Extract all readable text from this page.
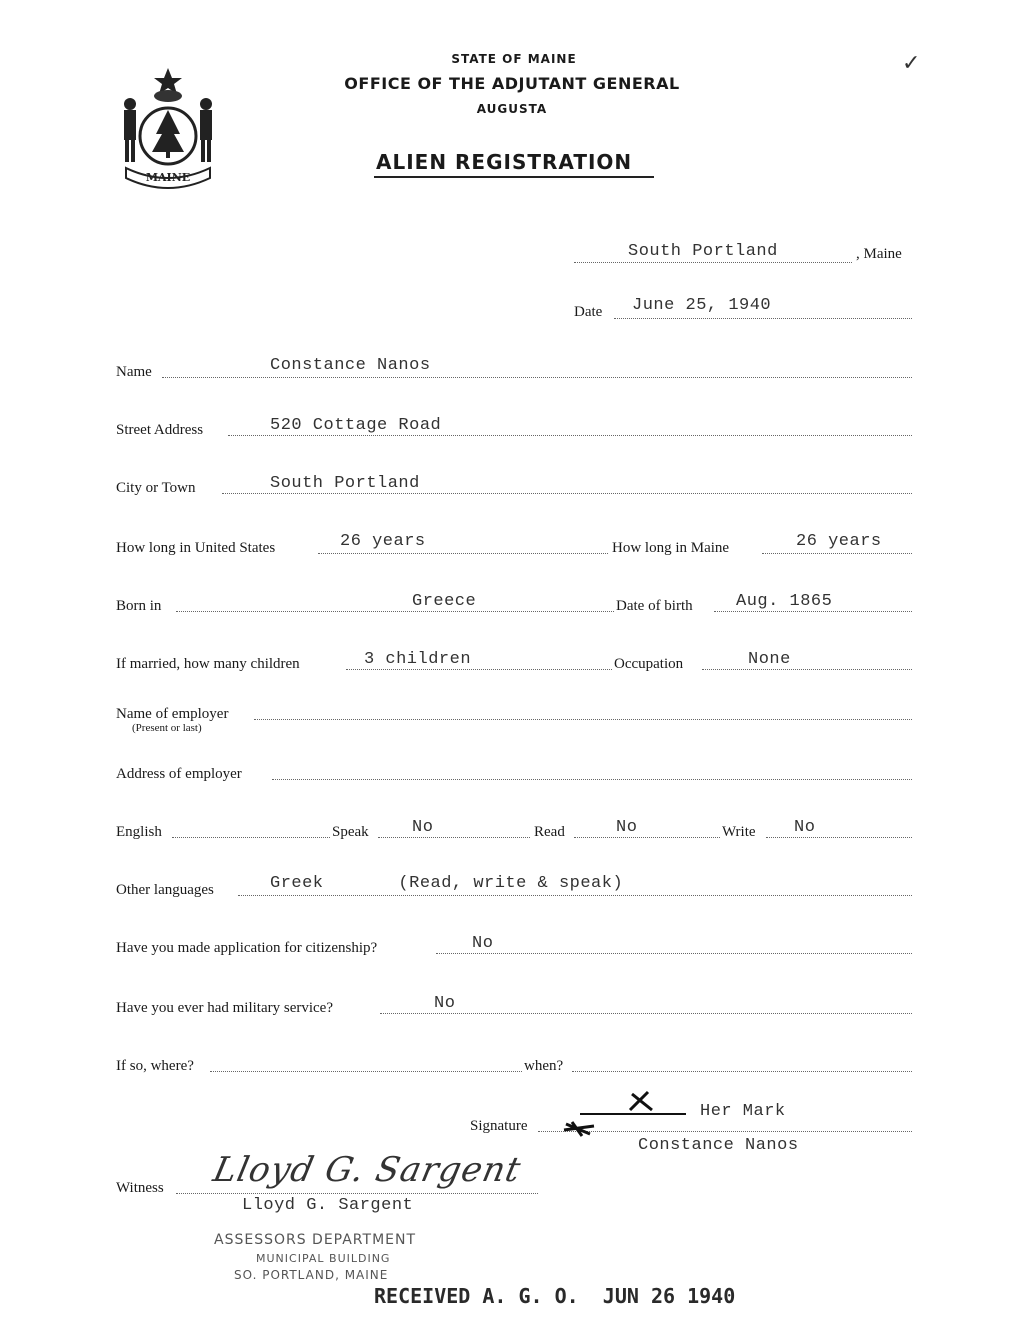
MAINE
✓
STATE OF MAINE
OFFICE OF THE ADJUTANT GENERAL
AUGUSTA
ALIEN REGISTRATION
South Portland	, Maine
Date June 25, 1940
Name	Constance Nanos
Street Address	520 Cottage Road
City or Town	South Portland
How long in United States	26 years	How long in Maine	26 years
Born in	Greece	Date of birth	Aug. 1865
If married, how many children	3 children	Occupation	None
Name of employer
(Present or last)
Address of employer
English	Speak	No	Read	No	Write No
Other languages	Greek       (Read, write & speak)
Have you made application for citizenship?	No
Have you ever had military service?	No
If so, where?	when?
Signature
Her Mark
Constance Nanos
Witness Lloyd G. Sargent
Lloyd G. Sargent
ASSESSORS DEPARTMENT
MUNICIPAL BUILDING
SO. PORTLAND, MAINE
RECEIVED A. G. O.  JUN 26 1940
